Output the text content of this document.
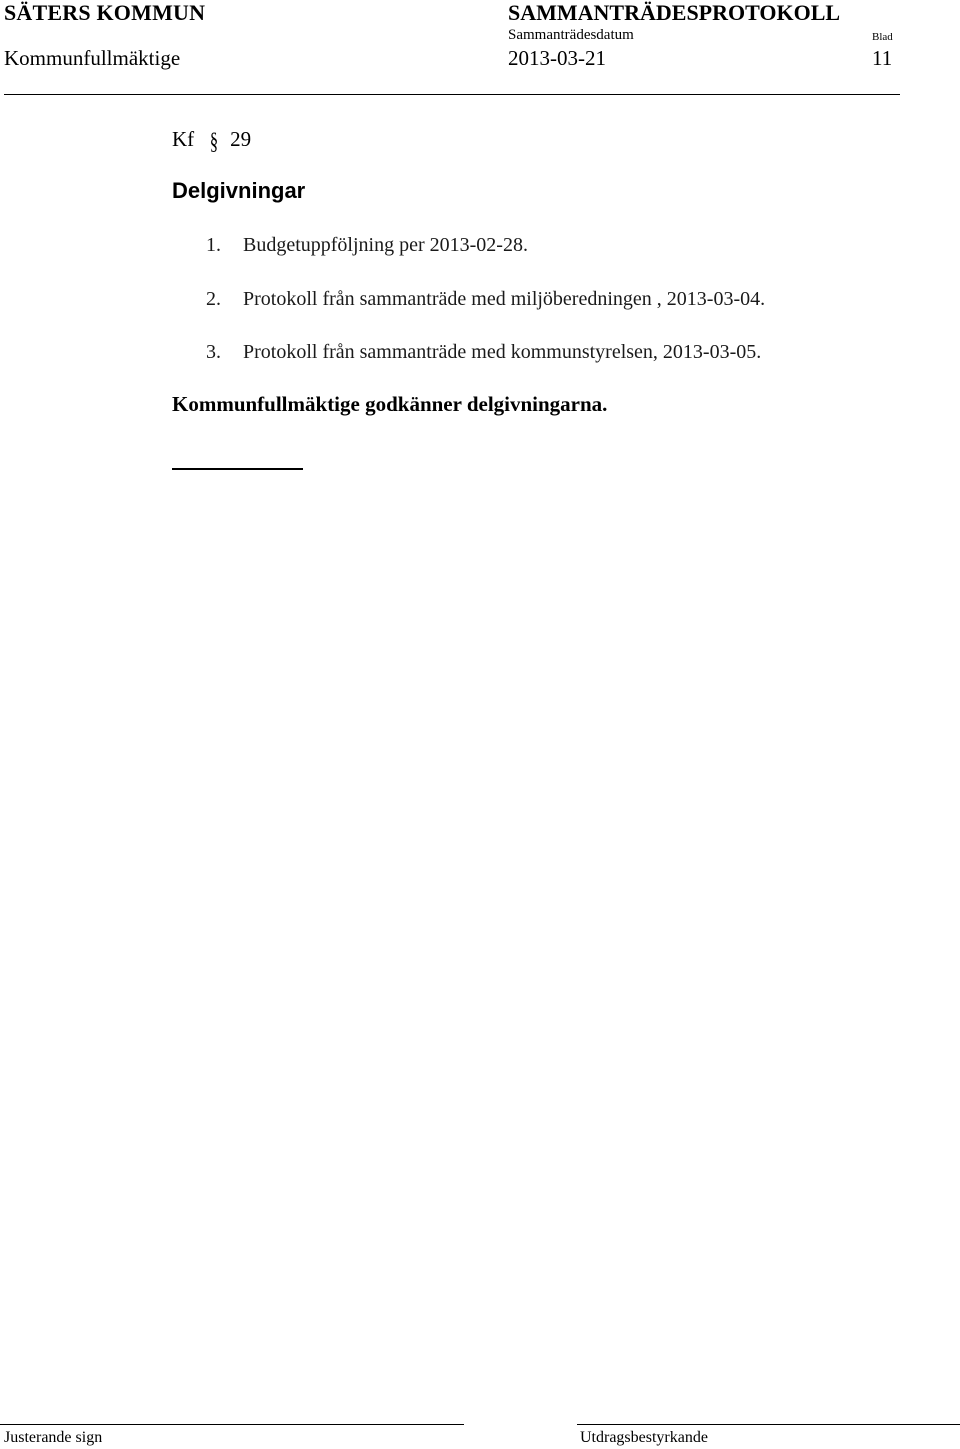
SÄTERS KOMMUN	SAMMANTRÄDESPROTOKOLL
Kommunfullmäktige
Sammanträdesdatum
2013-03-21
Blad
11
Kf § 29
Delgivningar
1. Budgetuppföljning per 2013-02-28.
2. Protokoll från sammanträde med miljöberedningen , 2013-03-04.
3. Protokoll från sammanträde med kommunstyrelsen, 2013-03-05.
Kommunfullmäktige godkänner delgivningarna.
Justerande sign	Utdragsbestyrkande
